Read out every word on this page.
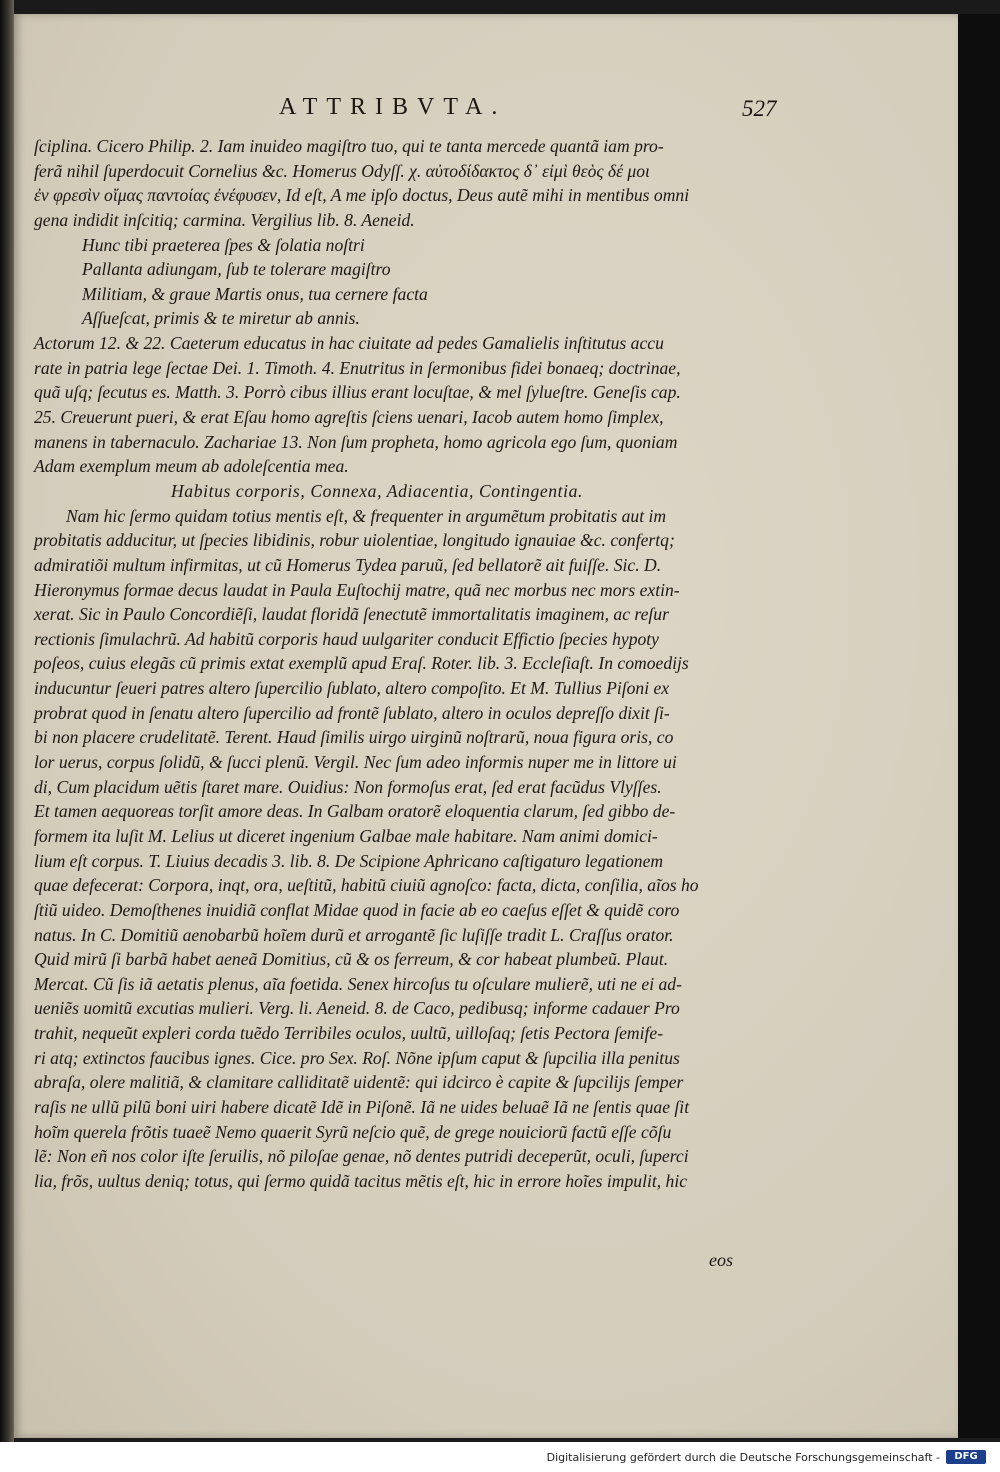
ATTRIBVTA.	527
ſciplina. Cicero Philip. 2. Iam inuideo magiſtro tuo, qui te tanta mercede quantã iam pro-
ferã nihil ſuperdocuit Cornelius &c. Homerus Odyſſ. χ. αὐτοδίδακτος δ᾽ εἰμὶ θεὸς δέ μοι
ἐν φρεσὶν οἴμας παντοίας ἐνέφυσεν, Id eſt, A me ipſo doctus, Deus autẽ mihi in mentibus omni
gena indidit inſcitiq; carmina. Vergilius lib. 8. Aeneid.
Hunc tibi praeterea ſpes & ſolatia noſtri
Pallanta adiungam, ſub te tolerare magiſtro
Militiam, & graue Martis onus, tua cernere facta
Aſſueſcat, primis & te miretur ab annis.
Actorum 12. & 22. Caeterum educatus in hac ciuitate ad pedes Gamalielis inſtitutus accu
rate in patria lege ſectae Dei. 1. Timoth. 4. Enutritus in ſermonibus fidei bonaeq; doctrinae,
quã uſq; ſecutus es. Matth. 3. Porrò cibus illius erant locuſtae, & mel ſylueſtre. Geneſis cap.
25. Creuerunt pueri, & erat Eſau homo agreſtis ſciens uenari, Iacob autem homo ſimplex,
manens in tabernaculo. Zachariae 13. Non ſum propheta, homo agricola ego ſum, quoniam
Adam exemplum meum ab adoleſcentia mea.
Habitus corporis, Connexa, Adiacentia, Contingentia.
Nam hic ſermo quidam totius mentis eſt, & frequenter in argumẽtum probitatis aut im
probitatis adducitur, ut ſpecies libidinis, robur uiolentiae, longitudo ignauiae &c. confertq;
admiratiõi multum infirmitas, ut cũ Homerus Tydea paruũ, ſed bellatorẽ ait fuiſſe. Sic. D.
Hieronymus formae decus laudat in Paula Euſtochij matre, quã nec morbus nec mors extin-
xerat. Sic in Paulo Concordiẽſi, laudat floridã ſenectutẽ immortalitatis imaginem, ac reſur
rectionis ſimulachrũ. Ad habitũ corporis haud uulgariter conducit Effictio ſpecies hypoty
poſeos, cuius elegãs cũ primis extat exemplũ apud Eraſ. Roter. lib. 3. Eccleſiaſt. In comoedijs
inducuntur ſeueri patres altero ſupercilio ſublato, altero compoſito. Et M. Tullius Piſoni ex
probrat quod in ſenatu altero ſupercilio ad frontẽ ſublato, altero in oculos depreſſo dixit ſi-
bi non placere crudelitatẽ. Terent. Haud ſimilis uirgo uirginũ noſtrarũ, noua figura oris, co
lor uerus, corpus ſolidũ, & ſucci plenũ. Vergil. Nec ſum adeo informis nuper me in littore ui
di, Cum placidum uẽtis ſtaret mare. Ouidius: Non formoſus erat, ſed erat facũdus Vlyſſes.
Et tamen aequoreas torſit amore deas. In Galbam oratorẽ eloquentia clarum, ſed gibbo de-
formem ita luſit M. Lelius ut diceret ingenium Galbae male habitare. Nam animi domici-
lium eſt corpus. T. Liuius decadis 3. lib. 8. De Scipione Aphricano caſtigaturo legationem
quae defecerat: Corpora, inqt, ora, ueſtitũ, habitũ ciuiũ agnoſco: facta, dicta, conſilia, aĩos ho
ſtiũ uideo. Demoſthenes inuidiã conflat Midae quod in facie ab eo caeſus eſſet & quidẽ coro
natus. In C. Domitiũ aenobarbũ hoĩem durũ et arrogantẽ ſic luſiſſe tradit L. Craſſus orator.
Quid mirũ ſi barbã habet aeneã Domitius, cũ & os ferreum, & cor habeat plumbeũ. Plaut.
Mercat. Cũ ſis iã aetatis plenus, aĩa foetida. Senex hircoſus tu oſculare mulierẽ, uti ne ei ad-
ueniẽs uomitũ excutias mulieri. Verg. li. Aeneid. 8. de Caco, pedibusq; informe cadauer Pro
trahit, nequeũt expleri corda tuẽdo Terribiles oculos, uultũ, uilloſaq; ſetis Pectora ſemife-
ri atq; extinctos faucibus ignes. Cice. pro Sex. Roſ. Nõne ipſum caput & ſupcilia illa penitus
abraſa, olere malitiã, & clamitare calliditatẽ uidentẽ: qui idcirco è capite & ſupcilijs ſemper
raſis ne ullũ pilũ boni uiri habere dicatẽ Idẽ in Piſonẽ. Iã ne uides beluaẽ Iã ne ſentis quae ſit
hoĩm querela frõtis tuaeẽ Nemo quaerit Syrũ neſcio quẽ, de grege nouiciorũ factũ eſſe cõſu
lẽ: Non eñ nos color iſte ſeruilis, nõ piloſae genae, nõ dentes putridi deceperũt, oculi, ſuperci
lia, frõs, uultus deniq; totus, qui ſermo quidã tacitus mẽtis eſt, hic in errore hoĩes impulit, hic
eos
Digitalisierung gefördert durch die Deutsche Forschungsgemeinschaft -	DFG
